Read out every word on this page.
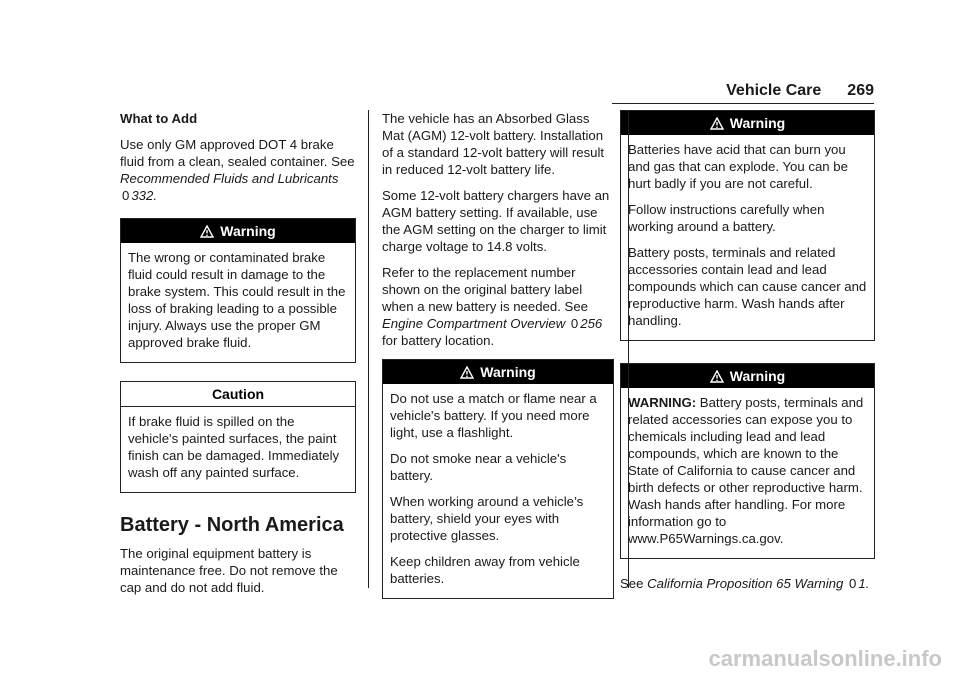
Vehicle Care 269

What to Add

Use only GM approved DOT 4 brake fluid from a clean, sealed container. See
Recommended Fluids and Lubricants 0 332.

Warning

The wrong or contaminated brake fluid could result in damage to the brake system. This could result in the loss of braking leading to a possible injury. Always use the proper GM approved brake fluid.

Caution

If brake fluid is spilled on the vehicle's painted surfaces, the paint finish can be damaged. Immediately wash off any painted surface.

Battery - North America

The original equipment battery is maintenance free. Do not remove the cap and do not add fluid.

The vehicle has an Absorbed Glass Mat (AGM) 12-volt battery. Installation of a standard 12-volt battery will result in reduced 12-volt battery life.

Some 12-volt battery chargers have an AGM battery setting. If available, use the AGM setting on the charger to limit charge voltage to 14.8 volts.

Refer to the replacement number shown on the original battery label when a new battery is needed. See Engine Compartment Overview 0 256 for battery location.

Warning

Do not use a match or flame near a vehicle's battery. If you need more light, use a flashlight.

Do not smoke near a vehicle's battery.

When working around a vehicle’s battery, shield your eyes with protective glasses.

Keep children away from vehicle batteries.

Warning

Batteries have acid that can burn you and gas that can explode. You can be hurt badly if you are not careful.

Follow instructions carefully when working around a battery.

Battery posts, terminals and related accessories contain lead and lead compounds which can cause cancer and reproductive harm. Wash hands after handling.

Warning

WARNING: Battery posts, terminals and related accessories can expose you to chemicals including lead and lead compounds, which are known to the State of California to cause cancer and birth defects or other reproductive harm. Wash hands after handling. For more information go to www.P65Warnings.ca.gov.

See California Proposition 65 Warning 0 1.

carmanualsonline.info
